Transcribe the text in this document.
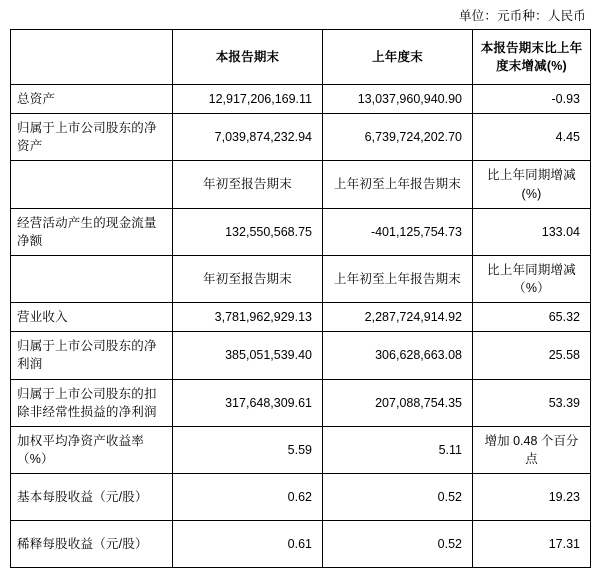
单位：元币种：人民币
	本报告期末	上年度末	本报告期末比上年度末增减(%)
总资产	12,917,206,169.11	13,037,960,940.90	-0.93
归属于上市公司股东的净资产	7,039,874,232.94	6,739,724,202.70	4.45
	年初至报告期末	上年初至上年报告期末	比上年同期增减(%)
经营活动产生的现金流量净额	132,550,568.75	-401,125,754.73	133.04
	年初至报告期末	上年初至上年报告期末	比上年同期增减（%）
营业收入	3,781,962,929.13	2,287,724,914.92	65.32
归属于上市公司股东的净利润	385,051,539.40	306,628,663.08	25.58
归属于上市公司股东的扣除非经常性损益的净利润	317,648,309.61	207,088,754.35	53.39
加权平均净资产收益率（%）	5.59	5.11	增加 0.48 个百分点
基本每股收益（元/股）	0.62	0.52	19.23
稀释每股收益（元/股）	0.61	0.52	17.31
